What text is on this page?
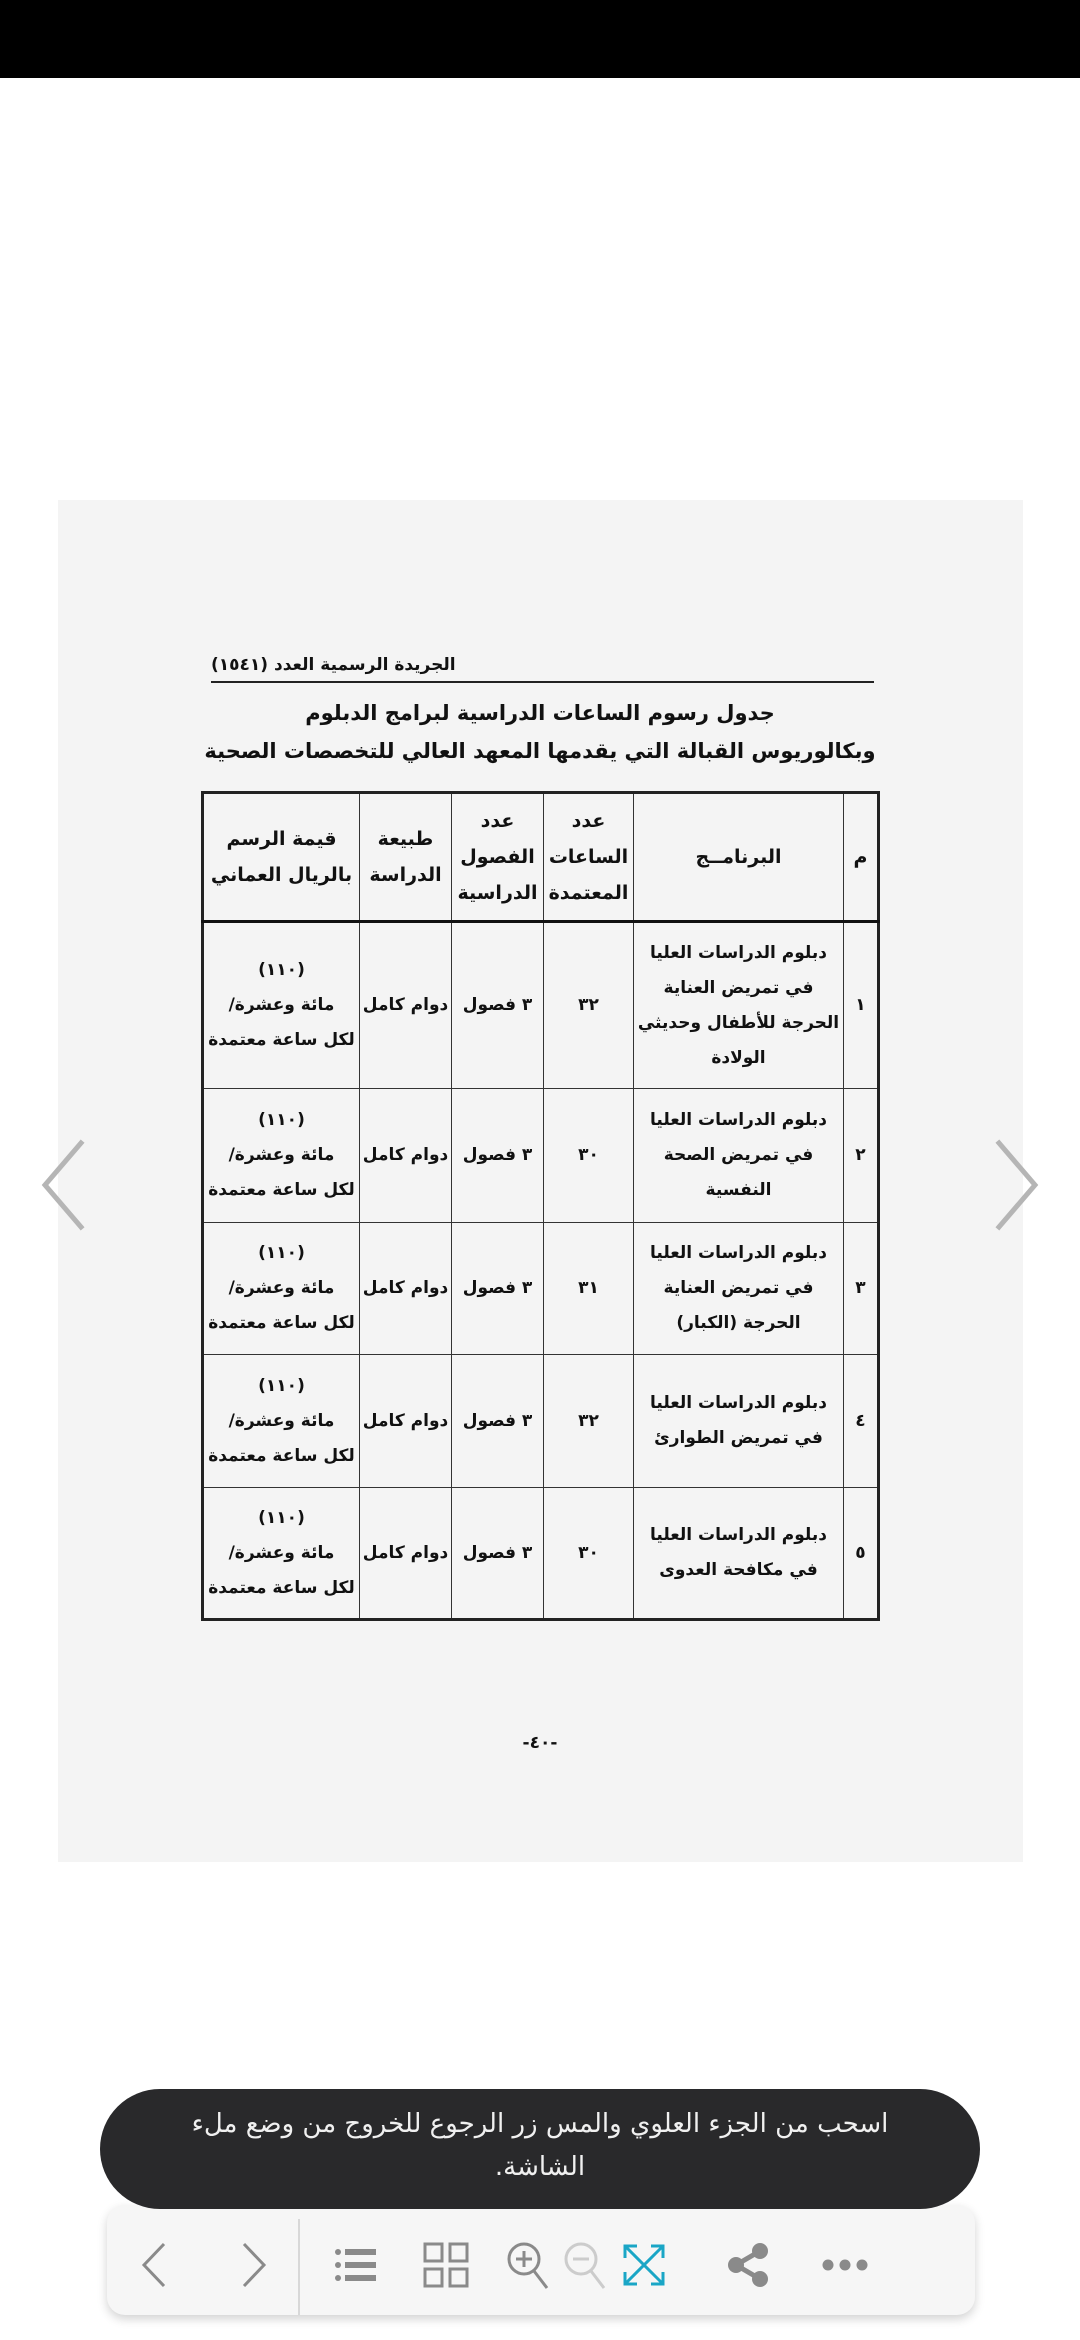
الجريدة الرسمية العدد (١٥٤١)
جدول رسوم الساعات الدراسية لبرامج الدبلوم
وبكالوريوس القبالة التي يقدمها المعهد العالي للتخصصات الصحية
م	البرنامــج	عدد الساعات المعتمدة	عدد الفصول الدراسية	طبيعة الدراسة	قيمة الرسم بالريال العماني
١	دبلوم الدراسات العليا في تمريض العناية الحرجة للأطفال وحديثي الولادة	٣٢	٣ فصول	دوام كامل	(١١٠)
مائة وعشرة/
لكل ساعة معتمدة

٢	دبلوم الدراسات العليا في تمريض الصحة النفسية	٣٠	٣ فصول	دوام كامل	(١١٠)
مائة وعشرة/
لكل ساعة معتمدة

٣	دبلوم الدراسات العليا في تمريض العناية الحرجة (الكبار)	٣١	٣ فصول	دوام كامل	(١١٠)
مائة وعشرة/
لكل ساعة معتمدة

٤	دبلوم الدراسات العليا في تمريض الطوارئ	٣٢	٣ فصول	دوام كامل	(١١٠)
مائة وعشرة/
لكل ساعة معتمدة

٥	دبلوم الدراسات العليا في مكافحة العدوى	٣٠	٣ فصول	دوام كامل	(١١٠)
مائة وعشرة/
لكل ساعة معتمدة
-٤٠-
اسحب من الجزء العلوي والمس زر الرجوع للخروج من وضع ملء الشاشة.
